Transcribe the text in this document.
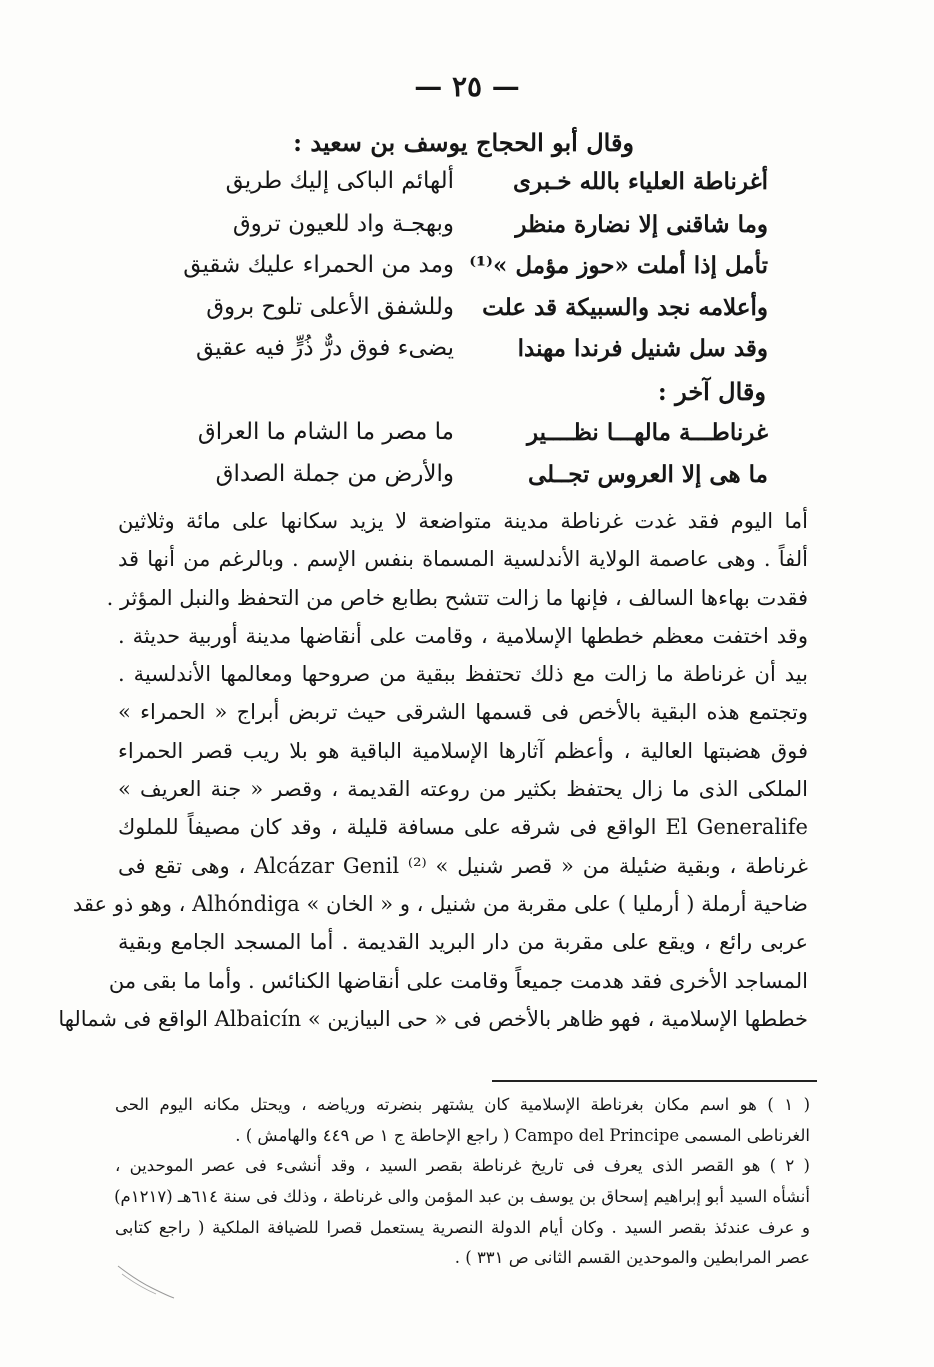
— ٢٥ —
وقال أبو الحجاج يوسف بن سعيد :
أغرناطة العلياء بالله خـبرى
ألهائم الباكى إليك طريق
وما شاقنى إلا نضارة منظر
وبهجـة واد للعيون تروق
تأمل إذا أملت «حوز مؤمل »⁽¹⁾
ومد من الحمراء عليك شقيق
وأعلامه نجد والسبيكة قد علت
وللشفق الأعلى تلوح بروق
وقد سل شنيل فرندا مهندا
يضىء فوق درٌّ ذُرٍّ فيه عقيق
وقال آخر :
غرناطـــة مالهـــا نظــــير
ما مصر ما الشام ما العراق
ما هى إلا العروس تجــلى
والأرض من جملة الصداق
أما اليوم فقد غدت غرناطة مدينة متواضعة لا يزيد سكانها على مائة وثلاثين
ألفاً . وهى عاصمة الولاية الأندلسية المسماة بنفس الإسم . وبالرغم من أنها قد
فقدت بهاءها السالف ، فإنها ما زالت تتشح بطابع خاص من التحفظ والنبل المؤثر .
وقد اختفت معظم خططها الإسلامية ، وقامت على أنقاضها مدينة أوربية حديثة .
بيد أن غرناطة ما زالت مع ذلك تحتفظ ببقية من صروحها ومعالمها الأندلسية .
وتجتمع هذه البقية بالأخص فى قسمها الشرقى حيث تربض أبراج « الحمراء »
فوق هضبتها العالية ، وأعظم آثارها الإسلامية الباقية هو بلا ريب قصر الحمراء
الملكى الذى ما زال يحتفظ بكثير من روعته القديمة ، وقصر « جنة العريف »
El Generalife الواقع فى شرقه على مسافة قليلة ، وقد كان مصيفاً للملوك
غرناطة ، وبقية ضئيلة من « قصر شنيل » Alcázar Genil ⁽²⁾ ، وهى تقع فى
ضاحية أرملة ( أرمليا ) على مقربة من شنيل ، و « الخان » Alhóndiga ، وهو ذو عقد
عربى رائع ، ويقع على مقربة من دار البريد القديمة . أما المسجد الجامع وبقية
المساجد الأخرى فقد هدمت جميعاً وقامت على أنقاضها الكنائس . وأما ما بقى من
خططها الإسلامية ، فهو ظاهر بالأخص فى « حى البيازين » Albaicín الواقع فى شمالها
( ١ ) هو اسم مكان بغرناطة الإسلامية كان يشتهر بنضرته ورياضه ، ويحتل مكانه اليوم الحى
الغرناطى المسمى Campo del Principe ( راجع الإحاطة ج ١ ص ٤٤٩ والهامش ) .
( ٢ ) هو القصر الذى يعرف فى تاريخ غرناطة بقصر السيد ، وقد أنشىء فى عصر الموحدين ،
أنشأه السيد أبو إبراهيم إسحاق بن يوسف بن عبد المؤمن والى غرناطة ، وذلك فى سنة ٦١٤هـ (١٢١٧م)
و عرف عندئذ بقصر السيد . وكان أيام الدولة النصرية يستعمل قصرا للضيافة الملكية ( راجع كتابى
عصر المرابطين والموحدين القسم الثانى ص ٣٣١ ) .
